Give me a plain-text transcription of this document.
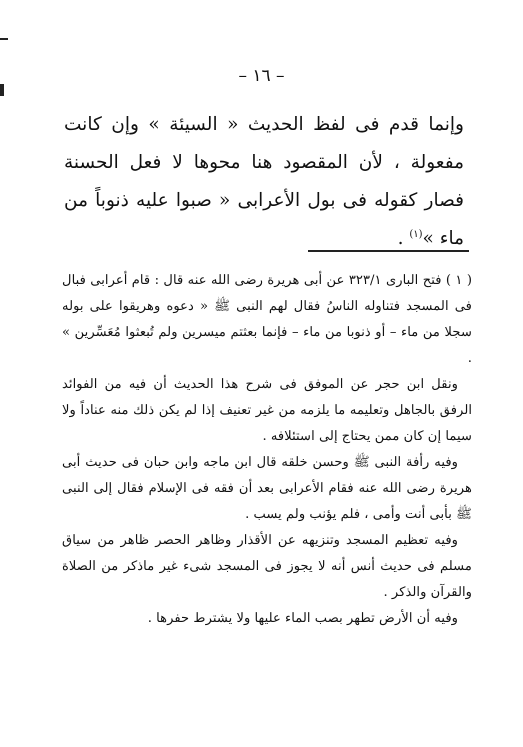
– ١٦ –

وإنما قدم فى لفظ الحديث « السيئة » وإن كانت مفعولة ، لأن المقصود هنا محوها لا فعل الحسنة فصار كقوله فى بول الأعرابى « صبوا عليه ذنوباً من ماء »$^{(١)}$ .

( ١ ) فتح البارى ٣٢٣/١ عن أبى هريرة رضى الله عنه قال : قام أعرابى فبال فى المسجد فتناوله الناسُ فقال لهم النبى ﷺ « دعوه وهريقوا على بوله سجلا من ماء – أو ذنوبا من ماء – فإنما بعثتم ميسرين ولم تُبعثوا مُعَسِّرين » .

ونقل ابن حجر عن الموفق فى شرح هذا الحديث أن فيه من الفوائد الرفق بالجاهل وتعليمه ما يلزمه من غير تعنيف إذا لم يكن ذلك منه عناداً ولا سيما إن كان ممن يحتاج إلى استئلافه .

وفيه رأفة النبى ﷺ وحسن خلقه قال ابن ماجه وابن حبان فى حديث أبى هريرة رضى الله عنه فقام الأعرابى بعد أن فقه فى الإسلام فقال إلى النبى ﷺ بأبى أنت وأمى ، فلم يؤنب ولم يسب .

وفيه تعظيم المسجد وتنزيهه عن الأقذار وظاهر الحصر ظاهر من سياق مسلم فى حديث أنس أنه لا يجوز فى المسجد شىء غير ماذكر من الصلاة والقرآن والذكر .

وفيه أن الأرض تطهر بصب الماء عليها ولا يشترط حفرها .
